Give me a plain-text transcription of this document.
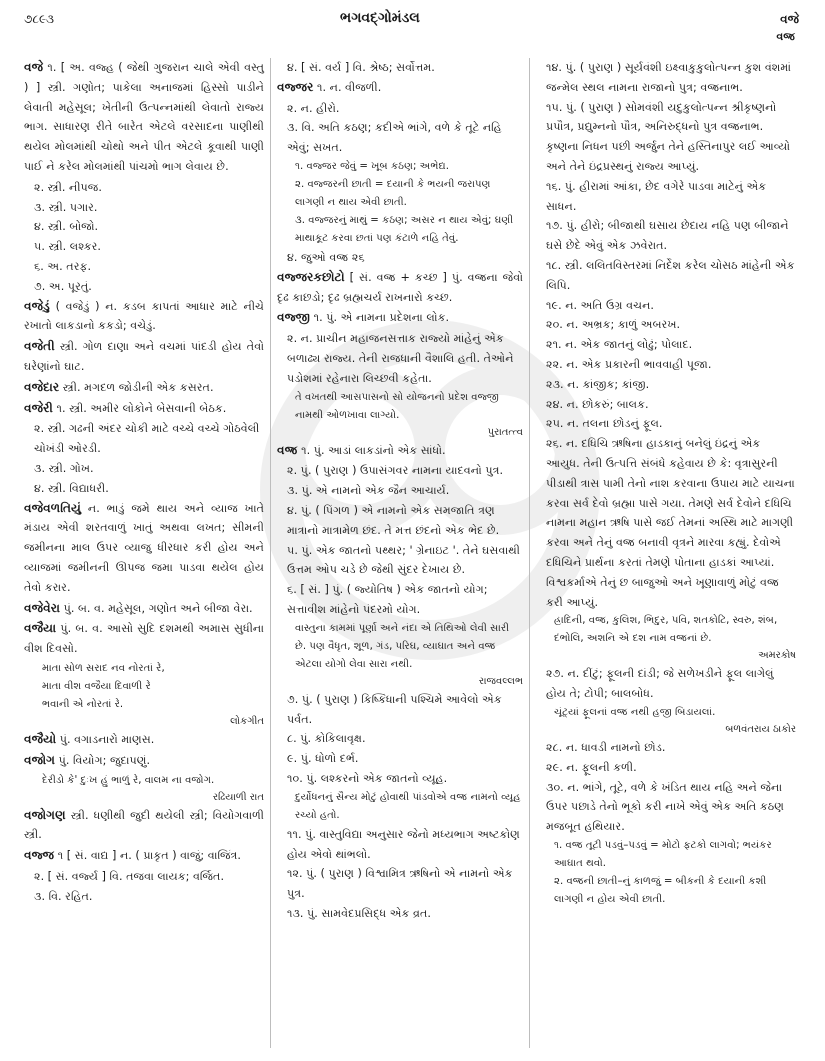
૭૮૯૩	ભગવદ્ગોમંડલ	વજે
વજ્ર
વજે ૧. [ અ. વજ્હ ( જેથી ગુજરાન ચાલે એવી વસ્તુ ) ] સ્ત્રી. ગણોત; પાકેલા અનાજમાં હિસ્સો પાડીને લેવાતી મહેસૂલ; ખેતીની ઉત્પન્નમાંથી લેવાતો રાજ્ય ભાગ. સાધારણ રીતે બારેત એટલે વરસાદના પાણીથી થયેલ મોલમાંથી ચોથો અને પીત એટલે કૂવાથી પાણી પાઈ ને કરેલ મોલમાંથી પાંચમો ભાગ લેવાય છે.
૨. સ્ત્રી. નીપજ.
૩. સ્ત્રી. પગાર.
૪. સ્ત્રી. બોજો.
૫. સ્ત્રી. લશ્કર.
૬. અ. તરફ.
૭. અ. પૂરતું.
વજેડું ( વજેડું ) ન. કડબ કાપતાં આધાર માટે નીચે રખાતો લાકડાનો કકડો; વચેડું.
વજેતી સ્ત્રી. ગોળ દાણા અને વચમાં પાંદડી હોય તેવો ઘરેણાંનો ઘાટ.
વજેદાર સ્ત્રી. મગદળ જોડીની એક કસરત.
વજેરી ૧. સ્ત્રી. અમીર લોકોને બેસવાની બેઠક.
૨. સ્ત્રી. ગઢની અંદર ચોકી માટે વચ્ચે વચ્ચે ગોઠવેલી ચોખંડી ઓરડી.
૩. સ્ત્રી. ગોખ.
૪. સ્ત્રી. વિદ્યાધરી.
વજેવળતિયું ન. ભાડું જમે થાય અને વ્યાજ ખાતે મંડાય એવી શરતવાળું ખાતું અથવા લખત; સીમની જમીનના માલ ઉપર વ્યાજુ ધીરધાર કરી હોય અને વ્યાજમાં જમીનની ઊપજ જમા પાડવા થયેલ હોય તેવો કરાર.
વજેવેરા પું. બ. વ. મહેસૂલ, ગણોત અને બીજા વેરા.
વજૈયા પું. બ. વ. આસો સુદિ દશમથી અમાસ સુધીના વીશ દિવસો.
માતા સોળ સરાદ નવ નોરતાં રે,
માતા વીશ વજૈયા દિવાળી રે
ભવાની એ નોરતાં રે.
લોકગીત
વજૈયો પું. વગાડનારો માણસ.
વજોગ પું. વિયોગ; જુદાપણું.
દેરીડો કે' દુઃખ હું ભાળું રે, વાલમ ના વજોગ.
રઢિયાળી રાત
વજોગણ સ્ત્રી. ધણીથી જુદી થયેલી સ્ત્રી; વિયોગવાળી સ્ત્રી.
વજ્જ ૧ [ સં. વાદ્ય ] ન. ( પ્રાકૃત ) વાજું; વાજિંત્ર.
૨. [ સં. વર્જ્ય ] વિ. તજવા લાયક; વર્જિત.
૩. વિ. રહિત.
૪. [ સં. વર્ય ] વિ. શ્રેષ્ઠ; સર્વોત્તમ.
વજ્જર ૧. ન. વીજળી.
૨. ન. હીરો.
૩. વિ. અતિ કઠણ; કદીએ ભાંગે, વળે કે તૂટે નહિ એવું; સખત.
૧. વજ્જર જેવું = ખૂબ કઠણ; અભેદ્ય.
૨. વજ્જરની છાતી = દયાની કે ભયની જરાપણ લાગણી ન થાય એવી છાતી.
૩. વજ્જરનું માથું = કઠણ; અસર ન થાય એવું; ઘણી માથાકૂટ કરવા છતાં પણ કંટાળે નહિ તેવું.
૪. જુઓ વજ્ર ૨૬
વજ્જરકછોટો [ સં. વજ્ર + કચ્છ ] પું. વજ્રના જેવો દૃઢ કાછડો; દૃઢ બ્રહ્મચર્ય રાખનારો કચ્છ.
વજ્જી ૧. પું. એ નામના પ્રદેશના લોક.
૨. ન. પ્રાચીન મહાજનસત્તાક રાજ્યો માંહેનું એક બળાઢ્ય રાજ્ય. તેની રાજધાની વૈશાલિ હતી. તેઓને પડોશમાં રહેનારા લિચ્છવી કહેતા.
તે વખતથી આસપાસનો સો યોજનનો પ્રદેશ વજ્જી નામથી ઓળખાવા લાગ્યો.
પુરાતત્ત્વ
વજ્ર ૧. પું. આડાં લાકડાંનો એક સાંધો.
૨. પું. ( પુરાણ ) ઉપાસંગવર નામના યાદવનો પુત્ર.
૩. પું. એ નામનો એક જૈન આચાર્ય.
૪. પું. ( પિંગળ ) એ નામનો એક સમજાતિ ત્રણ માત્રાનો માત્રામેળ છંદ. તે મત્ત છંદનો એક ભેદ છે.
૫. પું. એક જાતનો પથ્થર; ' ગ્રેનાઇટ '. તેને ઘસવાથી ઉત્તમ ઓપ ચડે છે જેથી સુંદર દેખાય છે.
૬. [ સં. ] પું. ( જ્યોતિષ ) એક જાતનો યોગ; સત્તાવીશ માંહેનો પંદરમો યોગ.
વાસ્તુના કામમાં પૂર્ણા અને નંદા એ તિથિઓ લેવી સારી છે. પણ વૈધૃત, શૂળ, ગંડ, પરિઘ, વ્યાઘાત અને વજ્ર એટલા યોગો લેવા સારા નથી.
રાજવલ્લભ
૭. પું. ( પુરાણ ) કિષ્કિંધાની પશ્ચિમે આવેલો એક પર્વત.
૮. પું. કોકિલાવૃક્ષ.
૯. પું. ધોળો દર્ભ.
૧૦. પું. લશ્કરનો એક જાતનો વ્યૂહ.
દુર્યોધનનું સૈન્ય મોટું હોવાથી પાંડવોએ વજ્ર નામનો વ્યૂહ રચ્યો હતો.
૧૧. પું. વાસ્તુવિદ્યા અનુસાર જેનો મધ્યભાગ અષ્ટકોણ હોય એવો થાંભલો.
૧૨. પું. ( પુરાણ ) વિશ્વામિત્ર ઋષિનો એ નામનો એક પુત્ર.
૧૩. પું. સામવેદપ્રસિદ્ધ એક વ્રત.
૧૪. પું. ( પુરાણ ) સૂર્યવંશી ઇક્ષ્વાકુકુલોત્પન્ન કુશ વંશમાં જન્મેલ સ્થલ નામના રાજાનો પુત્ર; વજ્રનાભ.
૧૫. પું. ( પુરાણ ) સોમવંશી યદુકુલોત્પન્ન શ્રીકૃષ્ણનો પ્રપૌત્ર, પ્રદ્યુમ્નનો પૌત્ર, અનિરુદ્ધનો પુત્ર વજ્રનાભ. કૃષ્ણના નિધન પછી અર્જુન તેને હસ્તિનાપુર લઈ આવ્યો અને તેને ઇંદ્રપ્રસ્થનું રાજ્ય આપ્યું.
૧૬. પું. હીરામાં આંકા, છેદ વગેરે પાડવા માટેનું એક સાધન.
૧૭. પું. હીરો; બીજાથી ઘસાય છેદાય નહિ પણ બીજાને ઘસે છેદે એવું એક ઝવેરાત.
૧૮. સ્ત્રી. લલિતવિસ્તરમાં નિર્દેશ કરેલ ચોસઠ માંહેની એક લિપિ.
૧૯. ન. અતિ ઉગ્ર વચન.
૨૦. ન. અભ્રક; કાળું અબરખ.
૨૧. ન. એક જાતનું લોઢું; પોલાદ.
૨૨. ન. એક પ્રકારની ભાવવાહી પૂજા.
૨૩. ન. કાંજીક; કાંજી.
૨૪. ન. છોકરું; બાલક.
૨૫. ન. તલના છોડનું ફૂલ.
૨૬. ન. દધિચિ ઋષિના હાડકાનું બનેલું ઇંદ્રનું એક આયુધ. તેની ઉત્પત્તિ સંબંધે કહેવાય છે કે: વૃત્રાસુરની પીડાથી ત્રાસ પામી તેનો નાશ કરવાના ઉપાય માટે યાચના કરવા સર્વ દેવો બ્રહ્મા પાસે ગયા. તેમણે સર્વ દેવોને દધિચિ નામના મહાન ઋષિ પાસે જઈ તેમનાં અસ્થિ માટે માગણી કરવા અને તેનું વજ્ર બનાવી વૃત્રને મારવા કહ્યું. દેવોએ દધિચિને પ્રાર્થના કરતાં તેમણે પોતાના હાડકાં આપ્યાં. વિશ્વકર્માએ તેનું છ બાજુઓ અને ખૂણાવાળું મોટું વજ્ર કરી આપ્યું.
હ્રાદિની, વજ્ર, કુલિશ, ભિદુર, પવિ, શતકોટિ, સ્વરુ, શંબ, દંભોલિ, અશનિ એ દશ નામ વજ્રનાં છે.
અમરકોષ
૨૭. ન. દીંટું; ફૂલની દાંડી; જે સળેખડીને ફૂલ લાગેલું હોય તે; ટોપી; બાલબોધ.
ચૂંટ્યાં ફૂલનાં વજ્ર નથી હજી બિડાયલાં.
બળવંતરાય ઠાકોર
૨૮. ન. ધાવડી નામનો છોડ.
૨૯. ન. ફૂલની કળી.
૩૦. ન. ભાંગે, તૂટે, વળે કે ખંડિત થાય નહિ અને જેના ઉપર પછાડે તેનો ભૂકો કરી નાખે એવું એક અતિ કઠણ મજબૂત હથિયાર.
૧. વજ્ર તૂટી પડવું–પડવું = મોટો ફટકો લાગવો; ભયંકર આઘાત થવો.
૨. વજ્રની છાતી–નું કાળજું = બીકની કે દયાની કશી લાગણી ન હોય એવી છાતી.
